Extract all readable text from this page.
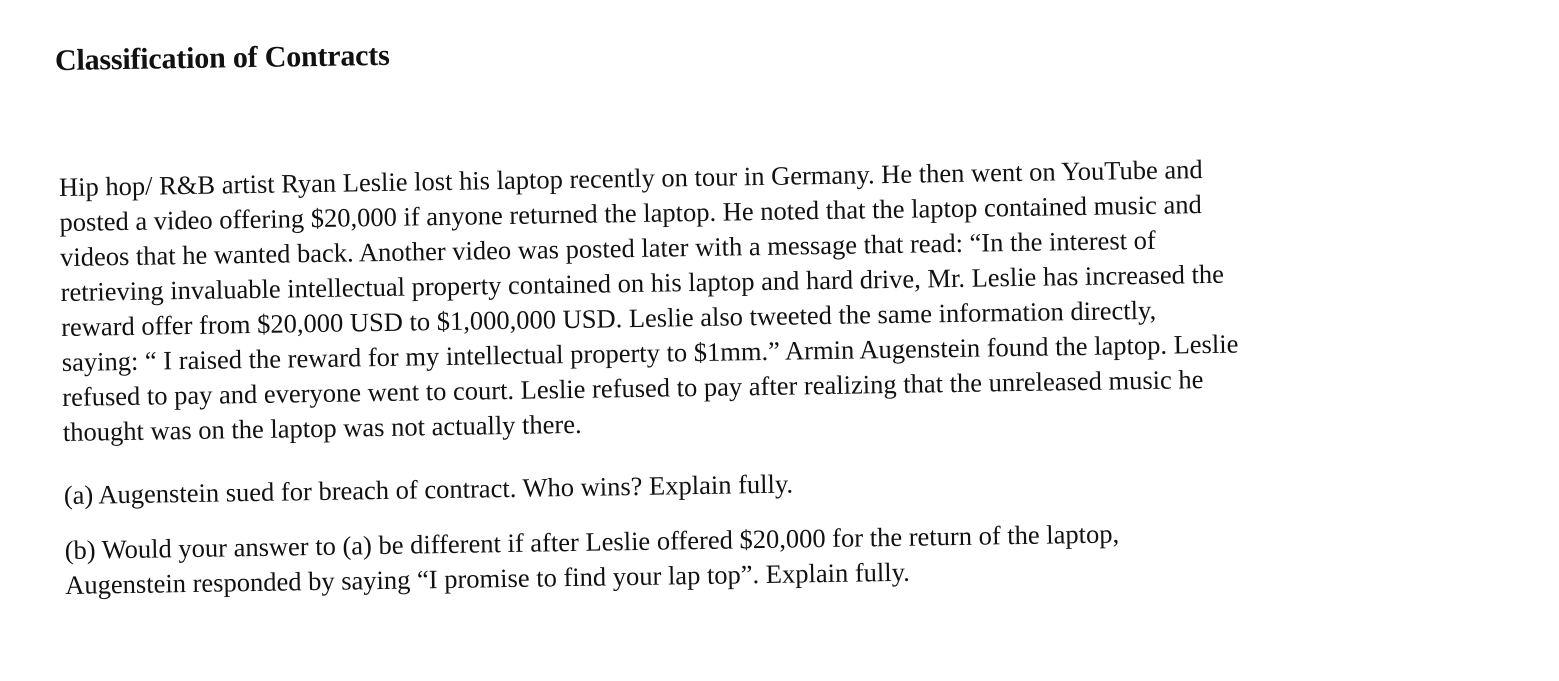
Classification of Contracts

Hip hop/ R&B artist Ryan Leslie lost his laptop recently on tour in Germany. He then went on YouTube and

posted a video offering $20,000 if anyone returned the laptop. He noted that the laptop contained music and

videos that he wanted back. Another video was posted later with a message that read: “In the interest of

retrieving invaluable intellectual property contained on his laptop and hard drive, Mr. Leslie has increased the

reward offer from $20,000 USD to $1,000,000 USD. Leslie also tweeted the same information directly,

saying: “ I raised the reward for my intellectual property to $1mm.” Armin Augenstein found the laptop. Leslie

refused to pay and everyone went to court. Leslie refused to pay after realizing that the unreleased music he

thought was on the laptop was not actually there.

(a) Augenstein sued for breach of contract. Who wins? Explain fully.

(b) Would your answer to (a) be different if after Leslie offered $20,000 for the return of the laptop,

Augenstein responded by saying “I promise to find your lap top”. Explain fully.
